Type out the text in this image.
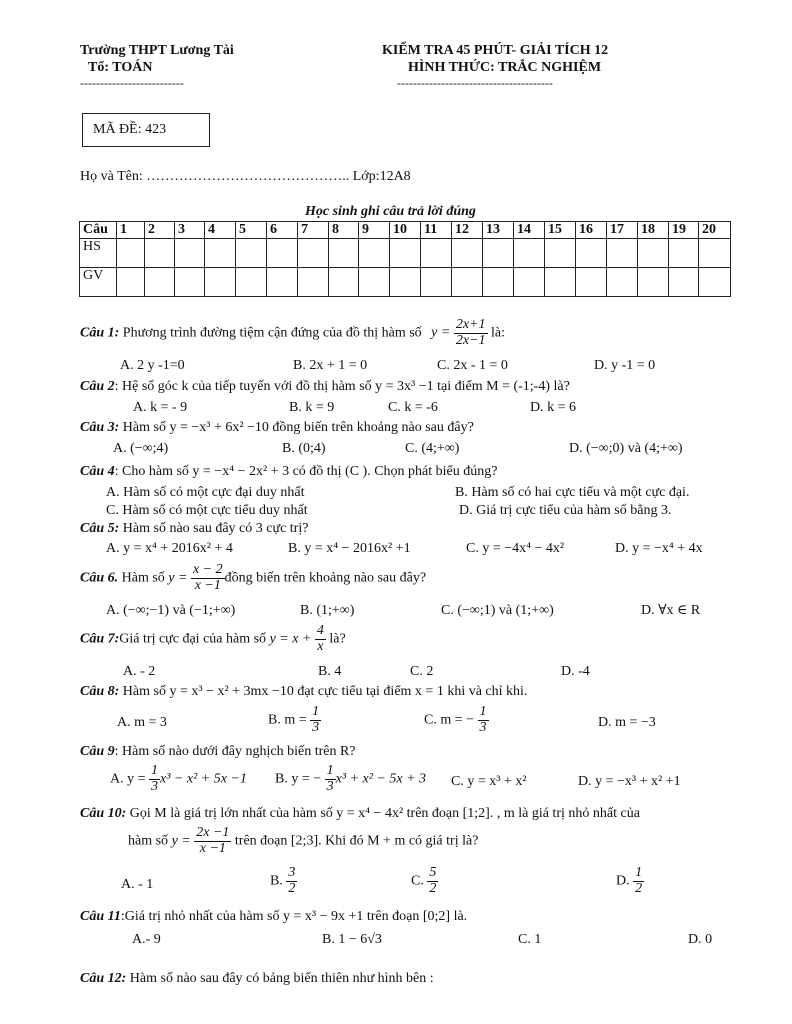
Trường THPT Lương Tài
Tổ: TOÁN
--------------------------
KIỂM TRA 45 PHÚT- GIẢI TÍCH 12
HÌNH THỨC: TRẮC NGHIỆM
---------------------------------------
MÃ ĐỀ: 423
Họ và Tên: …………………………………….. Lớp:12A8
Học sinh ghi câu trả lời đúng
Câu	1	2	3	4	5	6	7	8	9	10	11	12	13	14	15	16	17	18	19	20
HS																				
GV																				
Câu 1: Phương trình đường tiệm cận đứng của đồ thị hàm số $y = \frac{2x+1}{2x-1}$ là:
A. 2 y -1=0	B. 2x + 1 = 0	C. 2x - 1 = 0	D. y -1 = 0
Câu 2: Hệ số góc k của tiếp tuyến với đồ thị hàm số y = 3x³ −1 tại điểm M = (-1;-4) là?
A. k = - 9	B. k = 9	C. k = -6	D. k = 6
Câu 3: Hàm số y = −x³ + 6x² −10 đồng biến trên khoảng nào sau đây?
A. (−∞;4)	B. (0;4)	C. (4;+∞)	D. (−∞;0) và (4;+∞)
Câu 4: Cho hàm số y = −x⁴ − 2x² + 3 có đồ thị (C ). Chọn phát biểu đúng?
A. Hàm số có một cực đại duy nhất	B. Hàm số có hai cực tiểu và một cực đại.
C. Hàm số có một cực tiểu duy nhất	D. Giá trị cực tiểu của hàm số bằng 3.
Câu 5: Hàm số nào sau đây có 3 cực trị?
A. y = x⁴ + 2016x² + 4	B. y = x⁴ − 2016x² +1	C. y = −4x⁴ − 4x²	D. y = −x⁴ + 4x
Câu 6. Hàm số $y = \frac{x - 2}{x -1}$ đồng biến trên khoảng nào sau đây?
A. (−∞;−1) và (−1;+∞)	B. (1;+∞)	C. (−∞;1) và (1;+∞)	D. ∀x ∈ R
Câu 7:Giá trị cực đại của hàm số $y = x + \frac{4}{x}$ là?
A. - 2	B. 4	C. 2	D. -4
Câu 8: Hàm số y = x³ − x² + 3mx −10 đạt cực tiểu tại điểm x = 1 khi và chỉ khi.
A. m = 3	B. $m = \frac{1}{3}$	C. m = − $\frac{1}{3}$	D. m = −3
Câu 9: Hàm số nào dưới đây nghịch biến trên R?
A. $y = \frac{1}{3} x^3 - x^2 + 5x -1$ B. y = − $\frac{1}{3} x^3 + x^2 - 5x + 3$ C. y = x³ + x²	D. y = −x³ + x² +1
Câu 10: Gọi M là giá trị lớn nhất của hàm số y = x⁴ − 4x² trên đoạn [1;2]. , m là giá trị nhỏ nhất của
hàm số $y = \frac{2x -1}{x -1}$ trên đoạn [2;3]. Khi đó M + m có giá trị là?
A. - 1	B. $\frac{3}{2}$	C. $\frac{5}{2}$	D. $\frac{1}{2}$
Câu 11:Giá trị nhỏ nhất của hàm số y = x³ − 9x +1 trên đoạn [0;2] là.
A.- 9	B. 1 − 6√3	C. 1	D. 0
Câu 12: Hàm số nào sau đây có bảng biến thiên như hình bên :
